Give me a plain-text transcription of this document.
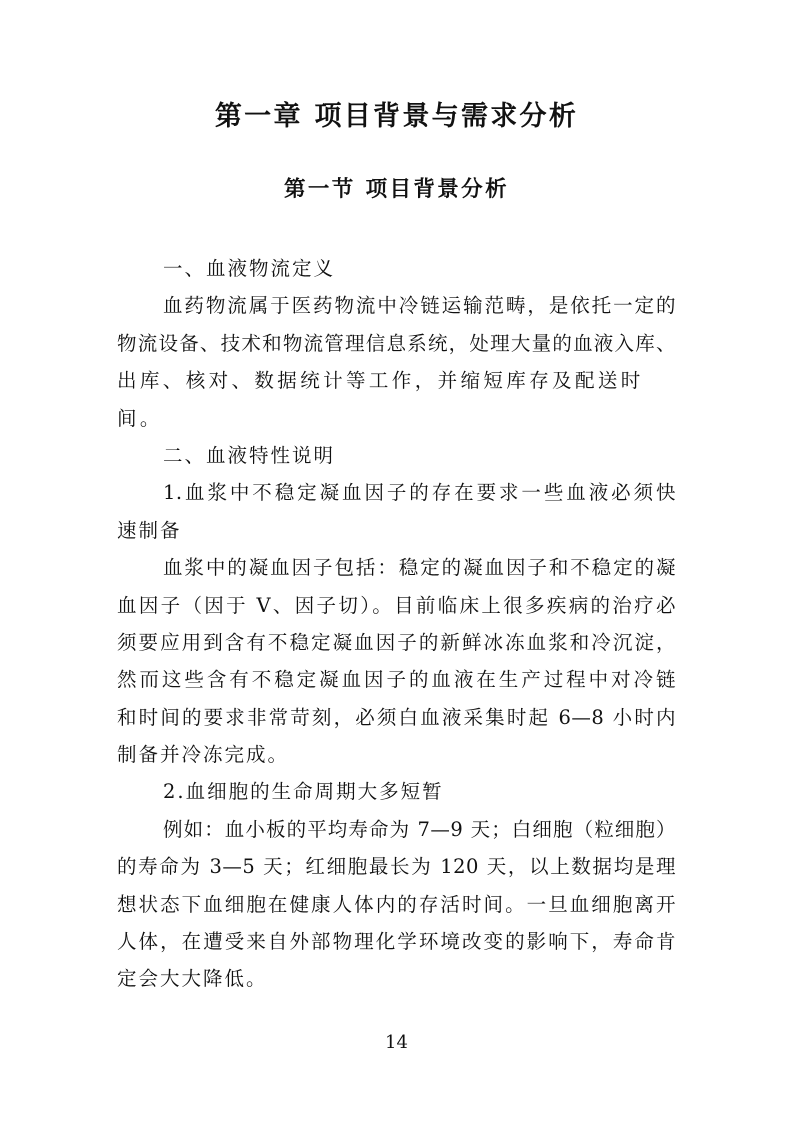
第一章 项目背景与需求分析
第一节 项目背景分析
一、血液物流定义
血药物流属于医药物流中冷链运输范畴，是依托一定的
物流设备、技术和物流管理信息系统，处理大量的血液入库、
出库、核对、数据统计等工作，并缩短库存及配送时间。
二、血液特性说明
1.血浆中不稳定凝血因子的存在要求一些血液必须快
速制备
血浆中的凝血因子包括：稳定的凝血因子和不稳定的凝
血因子（因于 V、因子切）。目前临床上很多疾病的治疗必
须要应用到含有不稳定凝血因子的新鲜冰冻血浆和冷沉淀，
然而这些含有不稳定凝血因子的血液在生产过程中对冷链
和时间的要求非常苛刻，必须白血液采集时起 6—8 小时内
制备并冷冻完成。
2.血细胞的生命周期大多短暂
例如：血小板的平均寿命为 7—9 天；白细胞（粒细胞）
的寿命为 3—5 天；红细胞最长为 120 天，以上数据均是理
想状态下血细胞在健康人体内的存活时间。一旦血细胞离开
人体，在遭受来自外部物理化学环境改变的影响下，寿命肯
定会大大降低。
14
